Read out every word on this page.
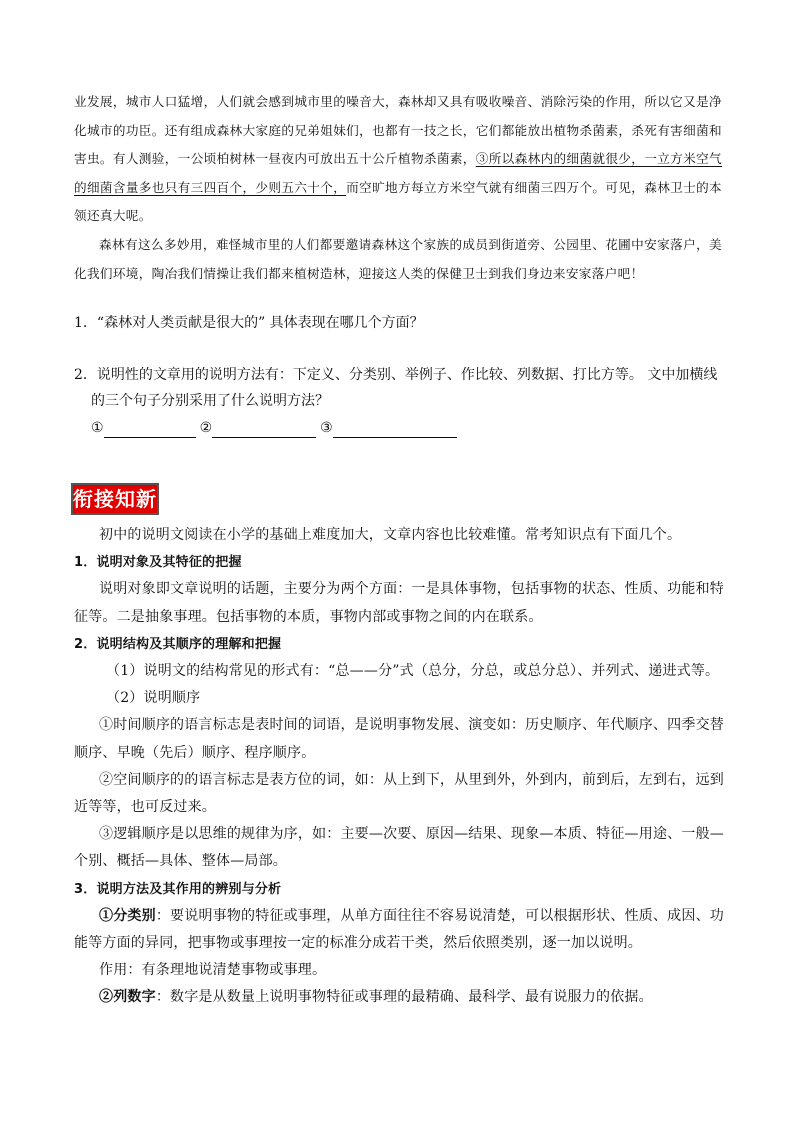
业发展，城市人口猛增，人们就会感到城市里的噪音大，森林却又具有吸收噪音、消除污染的作用，所以它又是净化城市的功臣。还有组成森林大家庭的兄弟姐妹们，也都有一技之长，它们都能放出植物杀菌素，杀死有害细菌和害虫。有人测验，一公顷柏树林一昼夜内可放出五十公斤植物杀菌素，③所以森林内的细菌就很少，一立方米空气的细菌含量多也只有三四百个，少则五六十个，而空旷地方每立方米空气就有细菌三四万个。可见，森林卫士的本领还真大呢。

森林有这么多妙用，难怪城市里的人们都要邀请森林这个家族的成员到街道旁、公园里、花圃中安家落户，美化我们环境，陶冶我们情操让我们都来植树造林，迎接这人类的保健卫士到我们身边来安家落户吧！

1．“森林对人类贡献是很大的” 具体表现在哪几个方面？
2．说明性的文章用的说明方法有：下定义、分类别、举例子、作比较、列数据、打比方等。 文中加横线
的三个句子分别采用了什么说明方法？
①	②	③
衔接知新

初中的说明文阅读在小学的基础上难度加大，文章内容也比较难懂。常考知识点有下面几个。

1．说明对象及其特征的把握

说明对象即文章说明的话题，主要分为两个方面：一是具体事物，包括事物的状态、性质、功能和特征等。二是抽象事理。包括事物的本质，事物内部或事物之间的内在联系。

2．说明结构及其顺序的理解和把握

（1）说明文的结构常见的形式有：“总——分”式（总分，分总，或总分总）、并列式、递进式等。

（2）说明顺序

①时间顺序的语言标志是表时间的词语，是说明事物发展、演变如：历史顺序、年代顺序、四季交替顺序、早晚（先后）顺序、程序顺序。

②空间顺序的的语言标志是表方位的词，如：从上到下，从里到外，外到内，前到后，左到右，远到近等等，也可反过来。

③逻辑顺序是以思维的规律为序，如：主要—次要、原因—结果、现象—本质、特征—用途、一般—个别、概括—具体、整体—局部。

3．说明方法及其作用的辨别与分析

①分类别：要说明事物的特征或事理，从单方面往往不容易说清楚，可以根据形状、性质、成因、功能等方面的异同，把事物或事理按一定的标准分成若干类，然后依照类别，逐一加以说明。

作用：有条理地说清楚事物或事理。

②列数字：数字是从数量上说明事物特征或事理的最精确、最科学、最有说服力的依据。
